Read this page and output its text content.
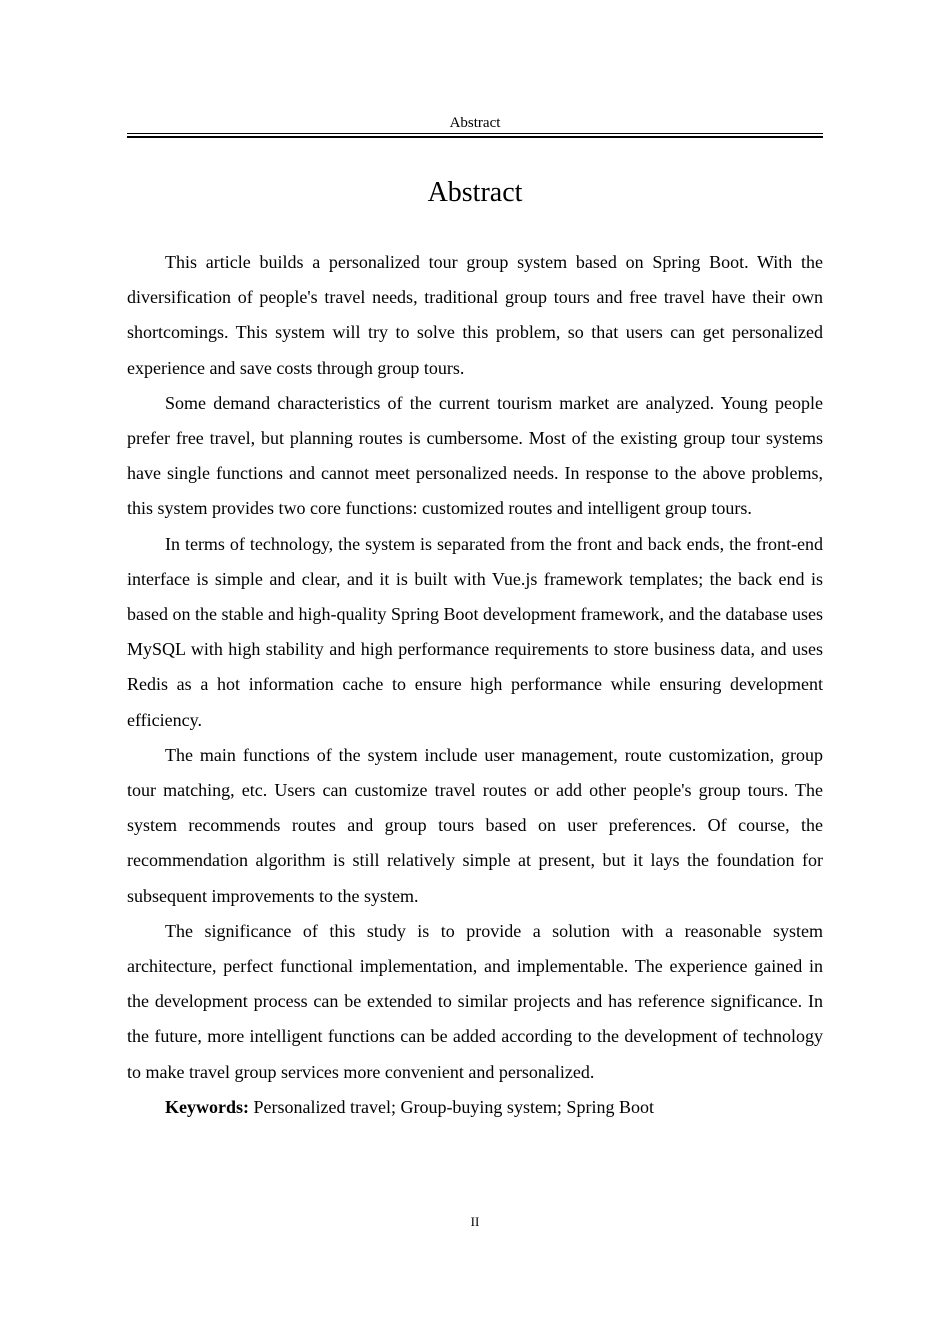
Abstract
Abstract

This article builds a personalized tour group system based on Spring Boot. With the diversification of people's travel needs, traditional group tours and free travel have their own shortcomings. This system will try to solve this problem, so that users can get personalized experience and save costs through group tours.

Some demand characteristics of the current tourism market are analyzed. Young people prefer free travel, but planning routes is cumbersome. Most of the existing group tour systems have single functions and cannot meet personalized needs. In response to the above problems, this system provides two core functions: customized routes and intelligent group tours.

In terms of technology, the system is separated from the front and back ends, the front-end interface is simple and clear, and it is built with Vue.js framework templates; the back end is based on the stable and high-quality Spring Boot development framework, and the database uses MySQL with high stability and high performance requirements to store business data, and uses Redis as a hot information cache to ensure high performance while ensuring development efficiency.

The main functions of the system include user management, route customization, group tour matching, etc. Users can customize travel routes or add other people's group tours. The system recommends routes and group tours based on user preferences. Of course, the recommendation algorithm is still relatively simple at present, but it lays the foundation for subsequent improvements to the system.

The significance of this study is to provide a solution with a reasonable system architecture, perfect functional implementation, and implementable. The experience gained in the development process can be extended to similar projects and has reference significance. In the future, more intelligent functions can be added according to the development of technology to make travel group services more convenient and personalized.

Keywords: Personalized travel; Group-buying system; Spring Boot
II
